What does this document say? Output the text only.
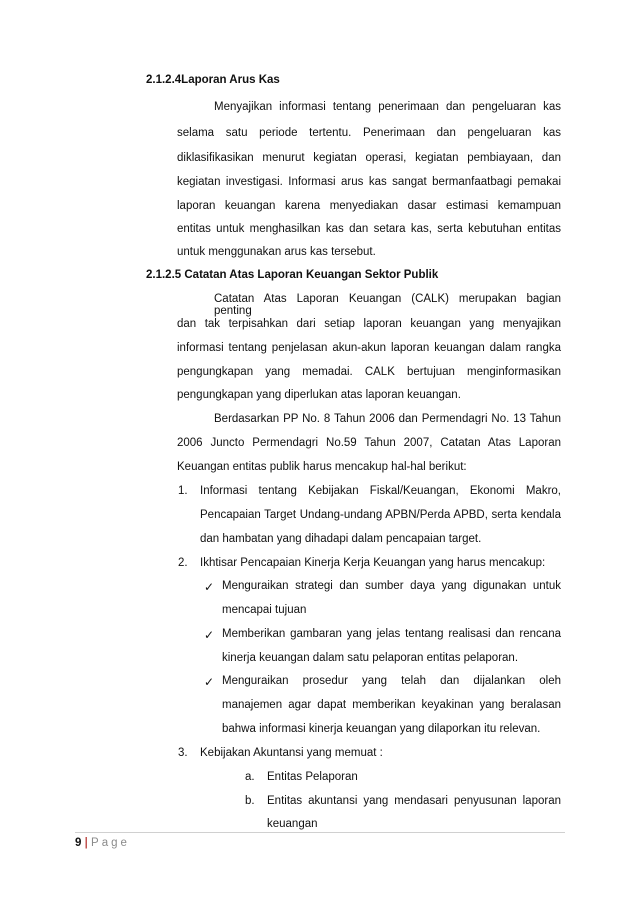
2.1.2.4Laporan Arus Kas
Menyajikan informasi tentang penerimaan dan pengeluaran kas
selama satu periode tertentu. Penerimaan dan pengeluaran kas
diklasifikasikan menurut kegiatan operasi, kegiatan pembiayaan, dan
kegiatan investigasi. Informasi arus kas sangat bermanfaatbagi pemakai
laporan keuangan karena menyediakan dasar estimasi kemampuan
entitas untuk menghasilkan kas dan setara kas, serta kebutuhan entitas
untuk menggunakan arus kas tersebut.
2.1.2.5 Catatan Atas Laporan Keuangan Sektor Publik
Catatan Atas Laporan Keuangan (CALK) merupakan bagian penting
dan tak terpisahkan dari setiap laporan keuangan yang menyajikan
informasi tentang penjelasan akun-akun laporan keuangan dalam rangka
pengungkapan yang memadai. CALK bertujuan menginformasikan
pengungkapan yang diperlukan atas laporan keuangan.
Berdasarkan PP No. 8 Tahun 2006 dan Permendagri No. 13 Tahun
2006 Juncto Permendagri No.59 Tahun 2007, Catatan Atas Laporan
Keuangan entitas publik harus mencakup hal-hal berikut:
1. Informasi tentang Kebijakan Fiskal/Keuangan, Ekonomi Makro,
Pencapaian Target Undang-undang APBN/Perda APBD, serta kendala
dan hambatan yang dihadapi dalam pencapaian target.
2. Ikhtisar Pencapaian Kinerja Kerja Keuangan yang harus mencakup:
✓ Menguraikan strategi dan sumber daya yang digunakan untuk
mencapai tujuan
✓ Memberikan gambaran yang jelas tentang realisasi dan rencana
kinerja keuangan dalam satu pelaporan entitas pelaporan.
✓ Menguraikan prosedur yang telah dan dijalankan oleh
manajemen agar dapat memberikan keyakinan yang beralasan
bahwa informasi kinerja keuangan yang dilaporkan itu relevan.
3. Kebijakan Akuntansi yang memuat :
a. Entitas Pelaporan
b. Entitas akuntansi yang mendasari penyusunan laporan
keuangan
9 | Page
